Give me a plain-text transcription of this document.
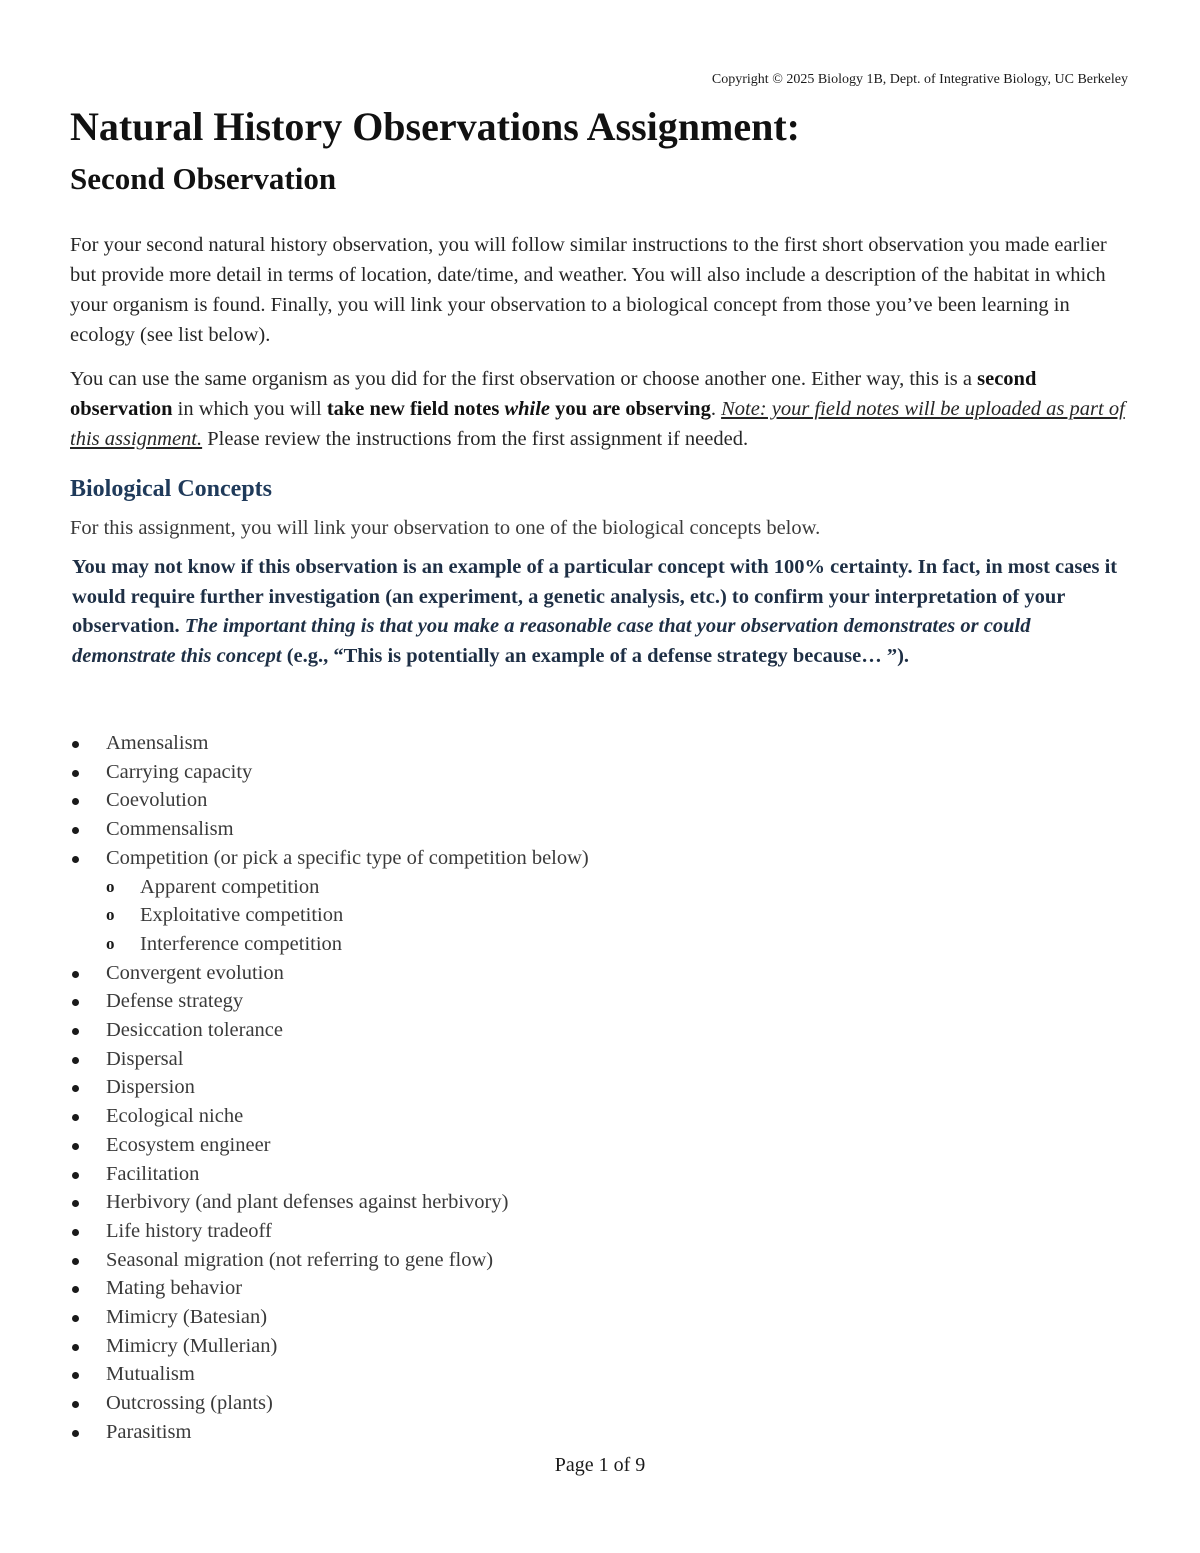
Copyright © 2025 Biology 1B, Dept. of Integrative Biology, UC Berkeley
Natural History Observations Assignment:
Second Observation

For your second natural history observation, you will follow similar instructions to the first short observation you made earlier but provide more detail in terms of location, date/time, and weather. You will also include a description of the habitat in which your organism is found. Finally, you will link your observation to a biological concept from those you’ve been learning in ecology (see list below).

You can use the same organism as you did for the first observation or choose another one. Either way, this is a second observation in which you will take new field notes while you are observing. Note: your field notes will be uploaded as part of this assignment. Please review the instructions from the first assignment if needed.

Biological Concepts

For this assignment, you will link your observation to one of the biological concepts below.

You may not know if this observation is an example of a particular concept with 100% certainty. In fact, in most cases it would require further investigation (an experiment, a genetic analysis, etc.) to confirm your interpretation of your observation. The important thing is that you make a reasonable case that your observation demonstrates or could demonstrate this concept (e.g., “This is potentially an example of a defense strategy because… ”).

Amensalism
Carrying capacity
Coevolution
Commensalism
Competition (or pick a specific type of competition below)
o Apparent competition
o Exploitative competition
o Interference competition
Convergent evolution
Defense strategy
Desiccation tolerance
Dispersal
Dispersion
Ecological niche
Ecosystem engineer
Facilitation
Herbivory (and plant defenses against herbivory)
Life history tradeoff
Seasonal migration (not referring to gene flow)
Mating behavior
Mimicry (Batesian)
Mimicry (Mullerian)
Mutualism
Outcrossing (plants)
Parasitism
Page 1 of 9
